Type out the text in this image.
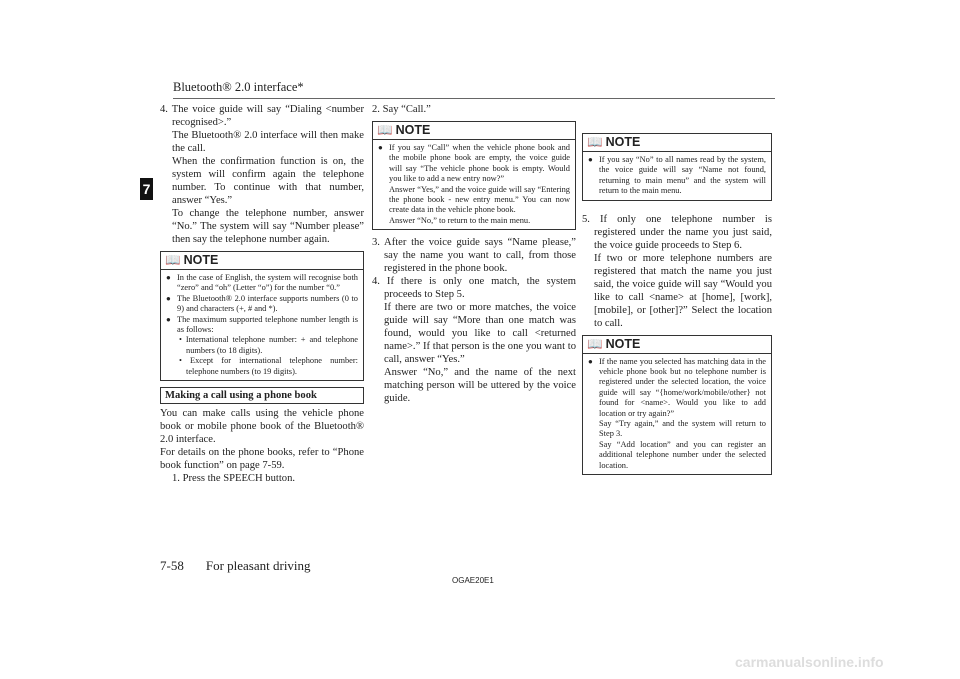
Bluetooth® 2.0 interface*
7

4. The voice guide will say “Dialing <number recognised>.”

The Bluetooth® 2.0 interface will then make the call.

When the confirmation function is on, the system will confirm again the telephone number. To continue with that number, answer “Yes.”

To change the telephone number, answer “No.” The system will say “Number please” then say the telephone number again.

📖 NOTE
● In the case of English, the system will recognise both “zero” and “oh” (Letter “o”) for the number “0.”
● The Bluetooth® 2.0 interface supports numbers (0 to 9) and characters (+, # and *).
● The maximum supported telephone number length is as follows:
• International telephone number: + and telephone numbers (to 18 digits).
• Except for international telephone number: telephone numbers (to 19 digits).
Making a call using a phone book

You can make calls using the vehicle phone book or mobile phone book of the Bluetooth® 2.0 interface.

For details on the phone books, refer to “Phone book function” on page 7-59.

1. Press the SPEECH button.

2. Say “Call.”

📖 NOTE
● If you say “Call” when the vehicle phone book and the mobile phone book are empty, the voice guide will say “The vehicle phone book is empty. Would you like to add a new entry now?”
Answer “Yes,” and the voice guide will say “Entering the phone book - new entry menu.” You can now create data in the vehicle phone book.
Answer “No,” to return to the main menu.

3. After the voice guide says “Name please,” say the name you want to call, from those registered in the phone book.

4. If there is only one match, the system proceeds to Step 5.

If there are two or more matches, the voice guide will say “More than one match was found, would you like to call <returned name>.” If that person is the one you want to call, answer “Yes.”

Answer “No,” and the name of the next matching person will be uttered by the voice guide.

📖 NOTE
● If you say “No” to all names read by the system, the voice guide will say “Name not found, returning to main menu” and the system will return to the main menu.

5. If only one telephone number is registered under the name you just said, the voice guide proceeds to Step 6.

If two or more telephone numbers are registered that match the name you just said, the voice guide will say “Would you like to call <name> at [home], [work], [mobile], or [other]?” Select the location to call.

📖 NOTE
● If the name you selected has matching data in the vehicle phone book but no telephone number is registered under the selected location, the voice guide will say “{home/work/mobile/other} not found for <name>. Would you like to add location or try again?”
Say “Try again,” and the system will return to Step 3.
Say “Add location” and you can register an additional telephone number under the selected location.
7-58 For pleasant driving
OGAE20E1
carmanualsonline.info
